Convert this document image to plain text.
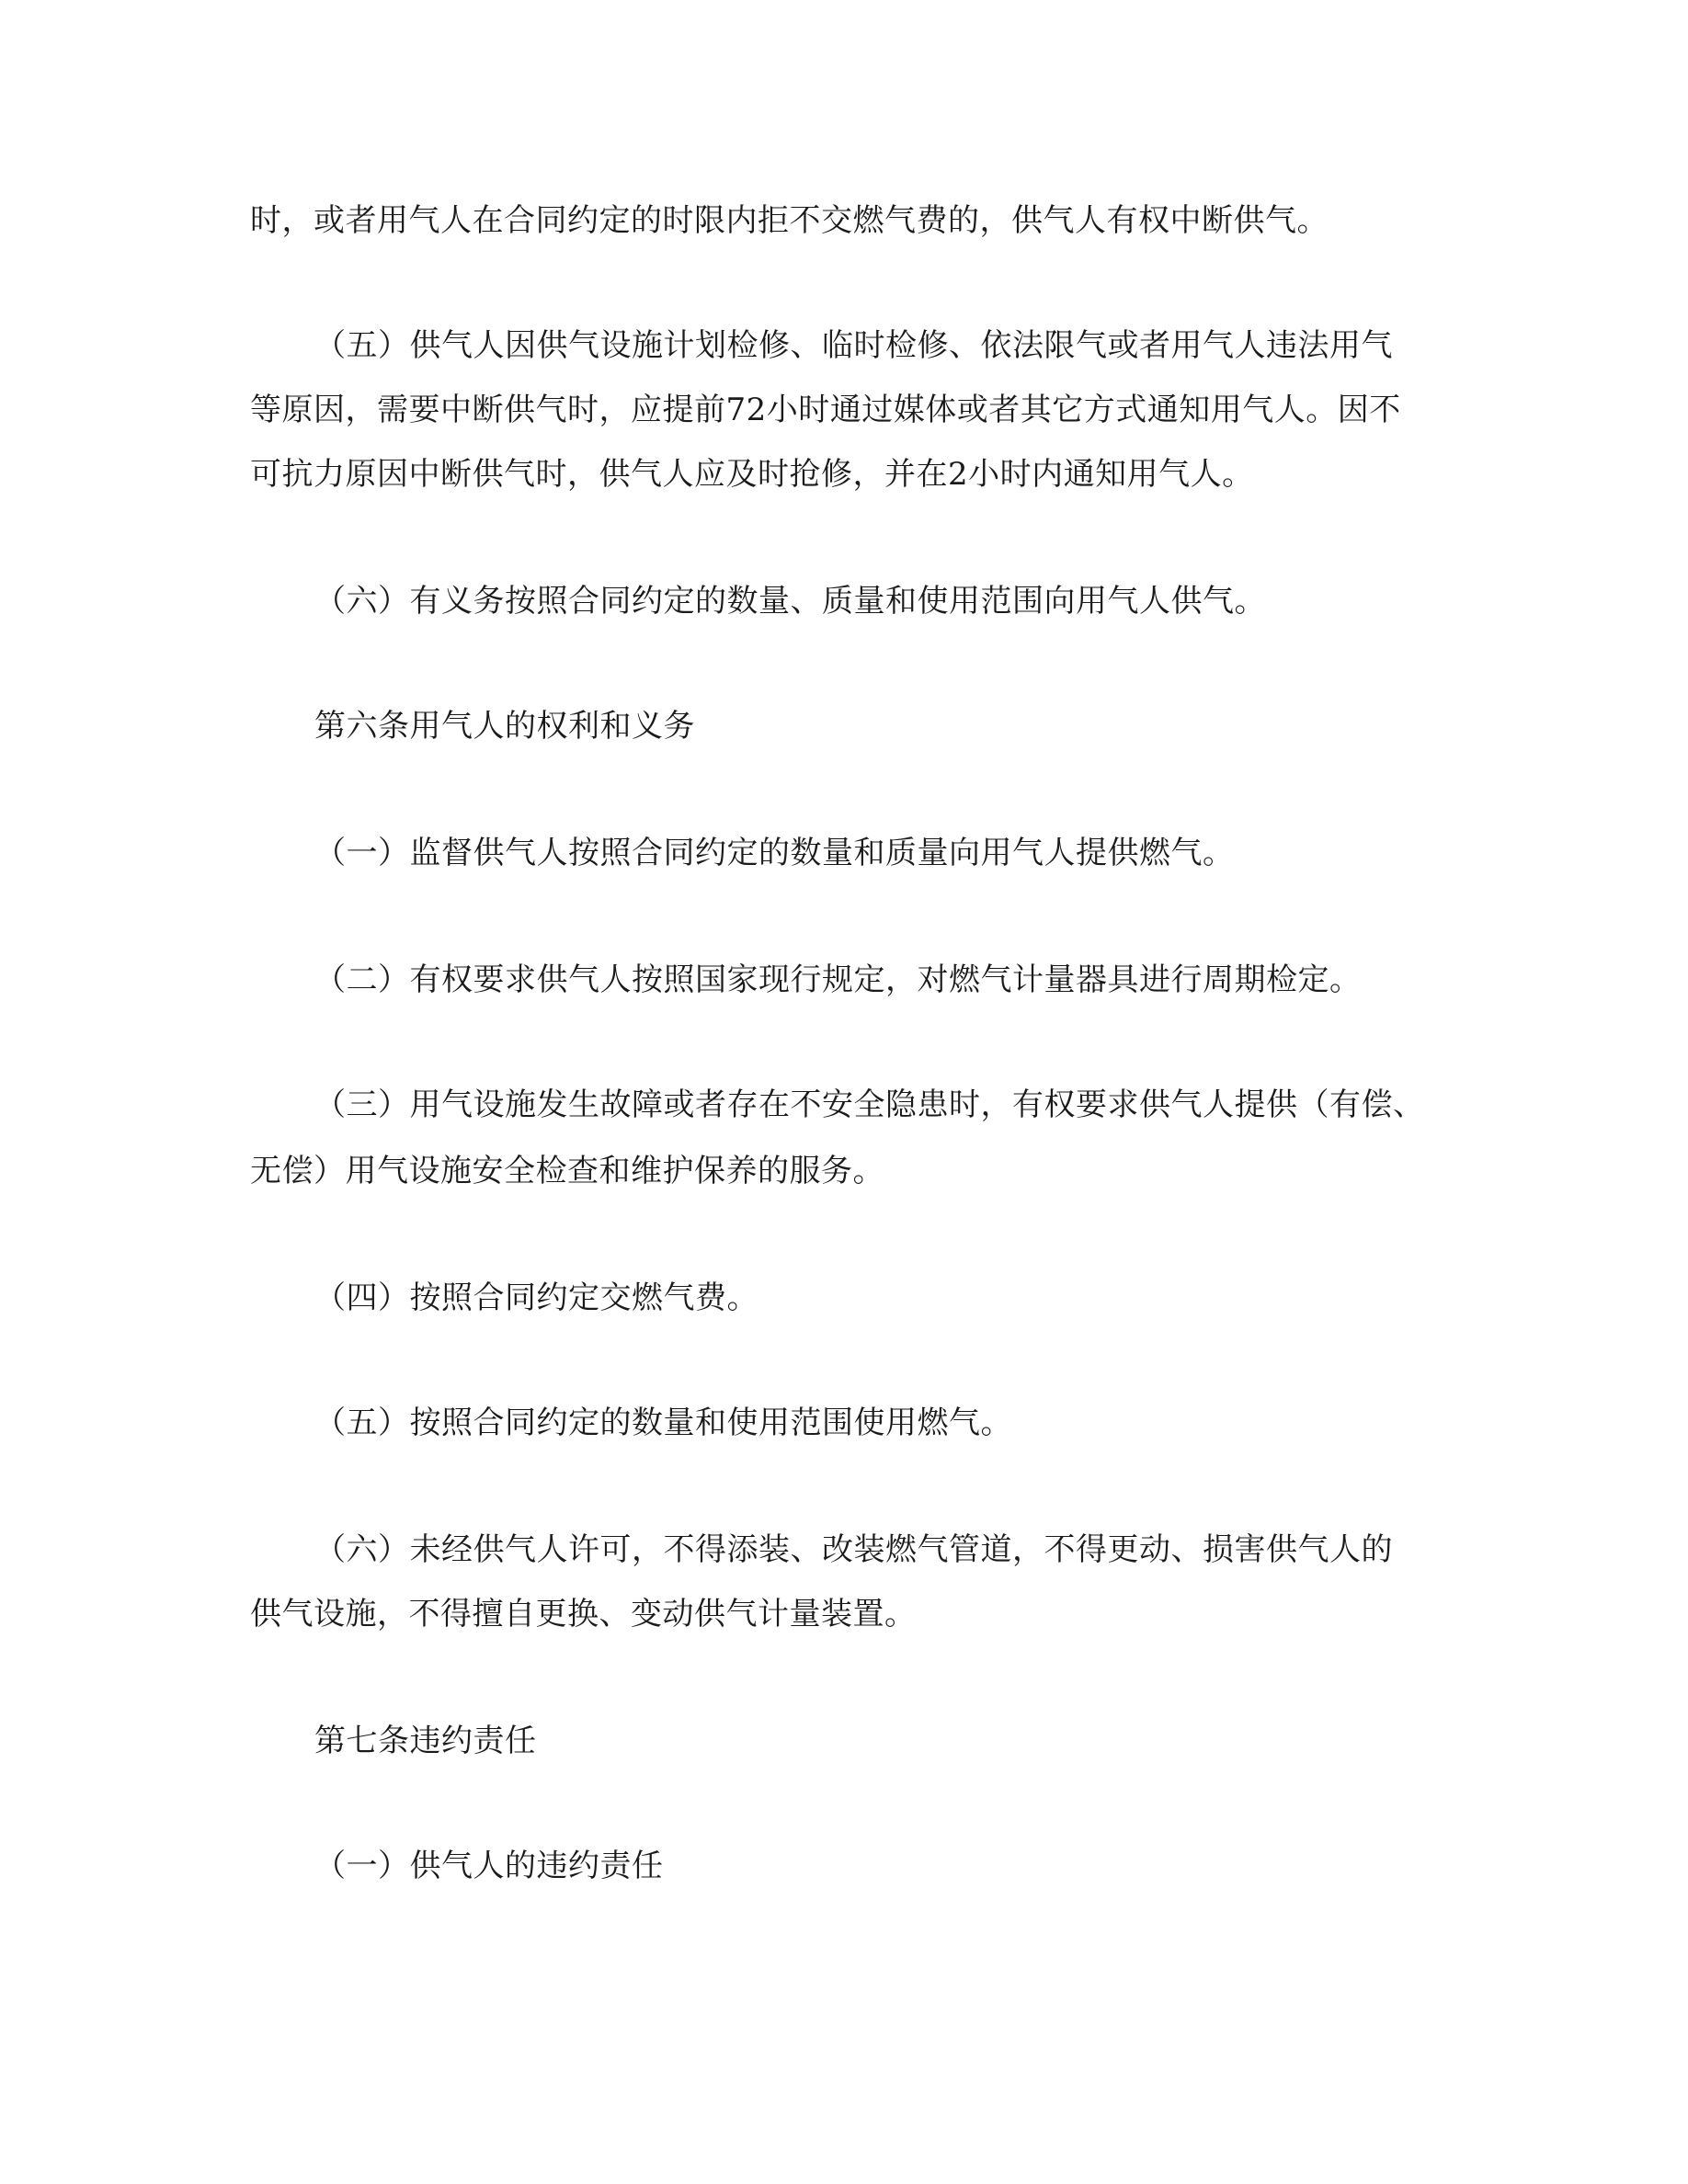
时，或者用气人在合同约定的时限内拒不交燃气费的，供气人有权中断供气。
（五）供气人因供气设施计划检修、临时检修、依法限气或者用气人违法用气
等原因，需要中断供气时，应提前72小时通过媒体或者其它方式通知用气人。因不
可抗力原因中断供气时，供气人应及时抢修，并在2小时内通知用气人。
（六）有义务按照合同约定的数量、质量和使用范围向用气人供气。
第六条用气人的权利和义务
（一）监督供气人按照合同约定的数量和质量向用气人提供燃气。
（二）有权要求供气人按照国家现行规定，对燃气计量器具进行周期检定。
（三）用气设施发生故障或者存在不安全隐患时，有权要求供气人提供（有偿、
无偿）用气设施安全检查和维护保养的服务。
（四）按照合同约定交燃气费。
（五）按照合同约定的数量和使用范围使用燃气。
（六）未经供气人许可，不得添装、改装燃气管道，不得更动、损害供气人的
供气设施，不得擅自更换、变动供气计量装置。
第七条违约责任
（一）供气人的违约责任
